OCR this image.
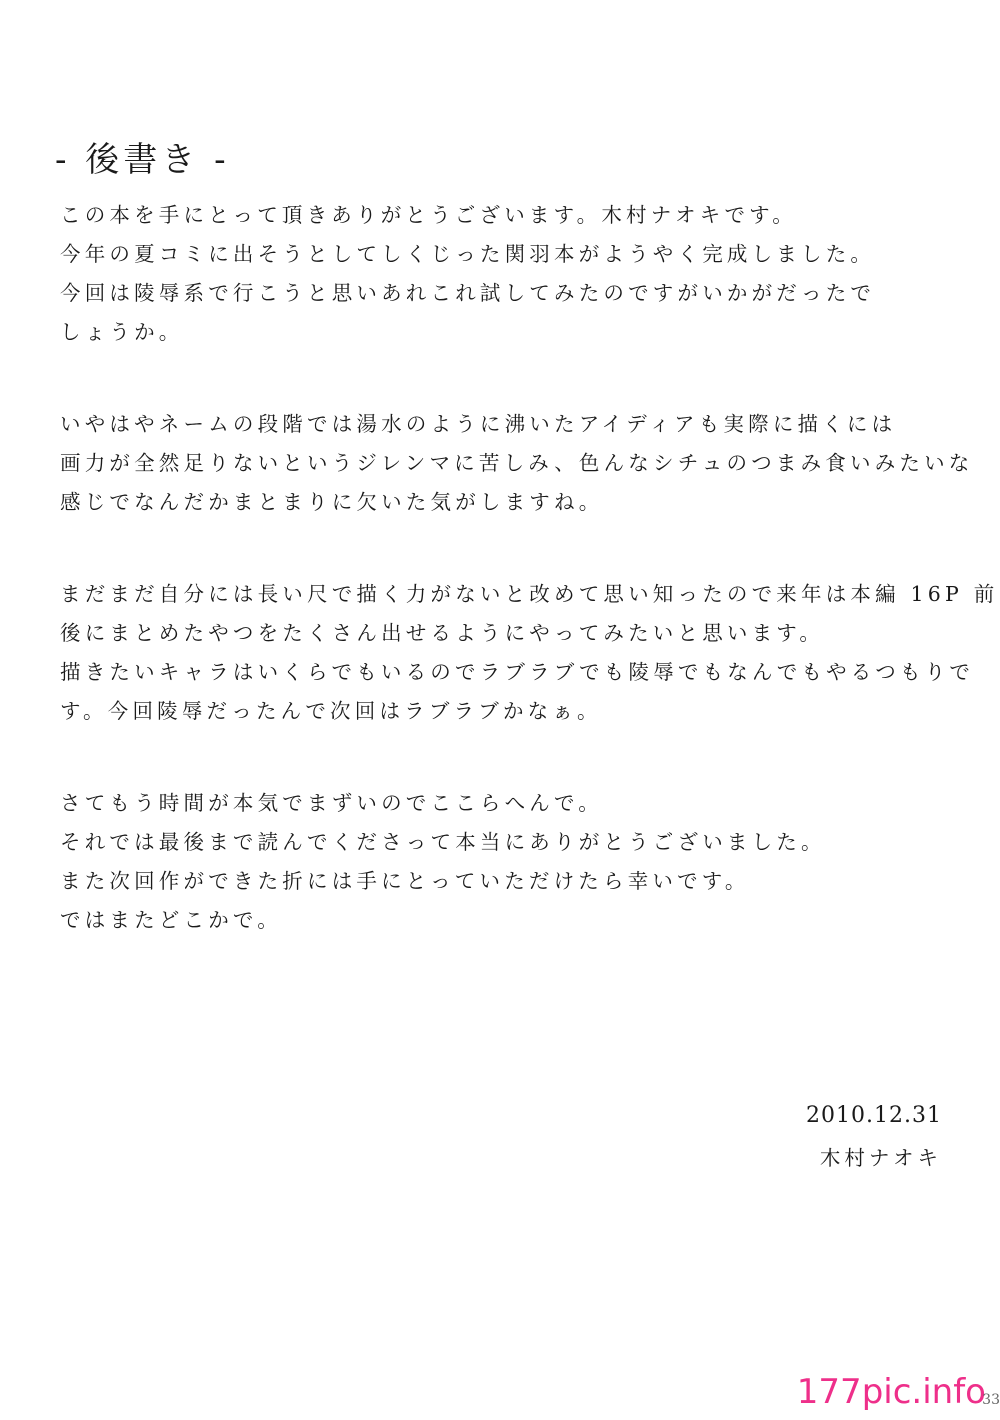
- 後書き -
この本を手にとって頂きありがとうございます。木村ナオキです。
今年の夏コミに出そうとしてしくじった関羽本がようやく完成しました。
今回は陵辱系で行こうと思いあれこれ試してみたのですがいかがだったで
しょうか。
いやはやネームの段階では湯水のように沸いたアイディアも実際に描くには
画力が全然足りないというジレンマに苦しみ、色んなシチュのつまみ食いみたいな
感じでなんだかまとまりに欠いた気がしますね。
まだまだ自分には長い尺で描く力がないと改めて思い知ったので来年は本編 16P 前
後にまとめたやつをたくさん出せるようにやってみたいと思います。
描きたいキャラはいくらでもいるのでラブラブでも陵辱でもなんでもやるつもりで
す。今回陵辱だったんで次回はラブラブかなぁ。
さてもう時間が本気でまずいのでここらへんで。
それでは最後まで読んでくださって本当にありがとうございました。
また次回作ができた折には手にとっていただけたら幸いです。
ではまたどこかで。
2010.12.31
木村ナオキ
177pic.info
33
